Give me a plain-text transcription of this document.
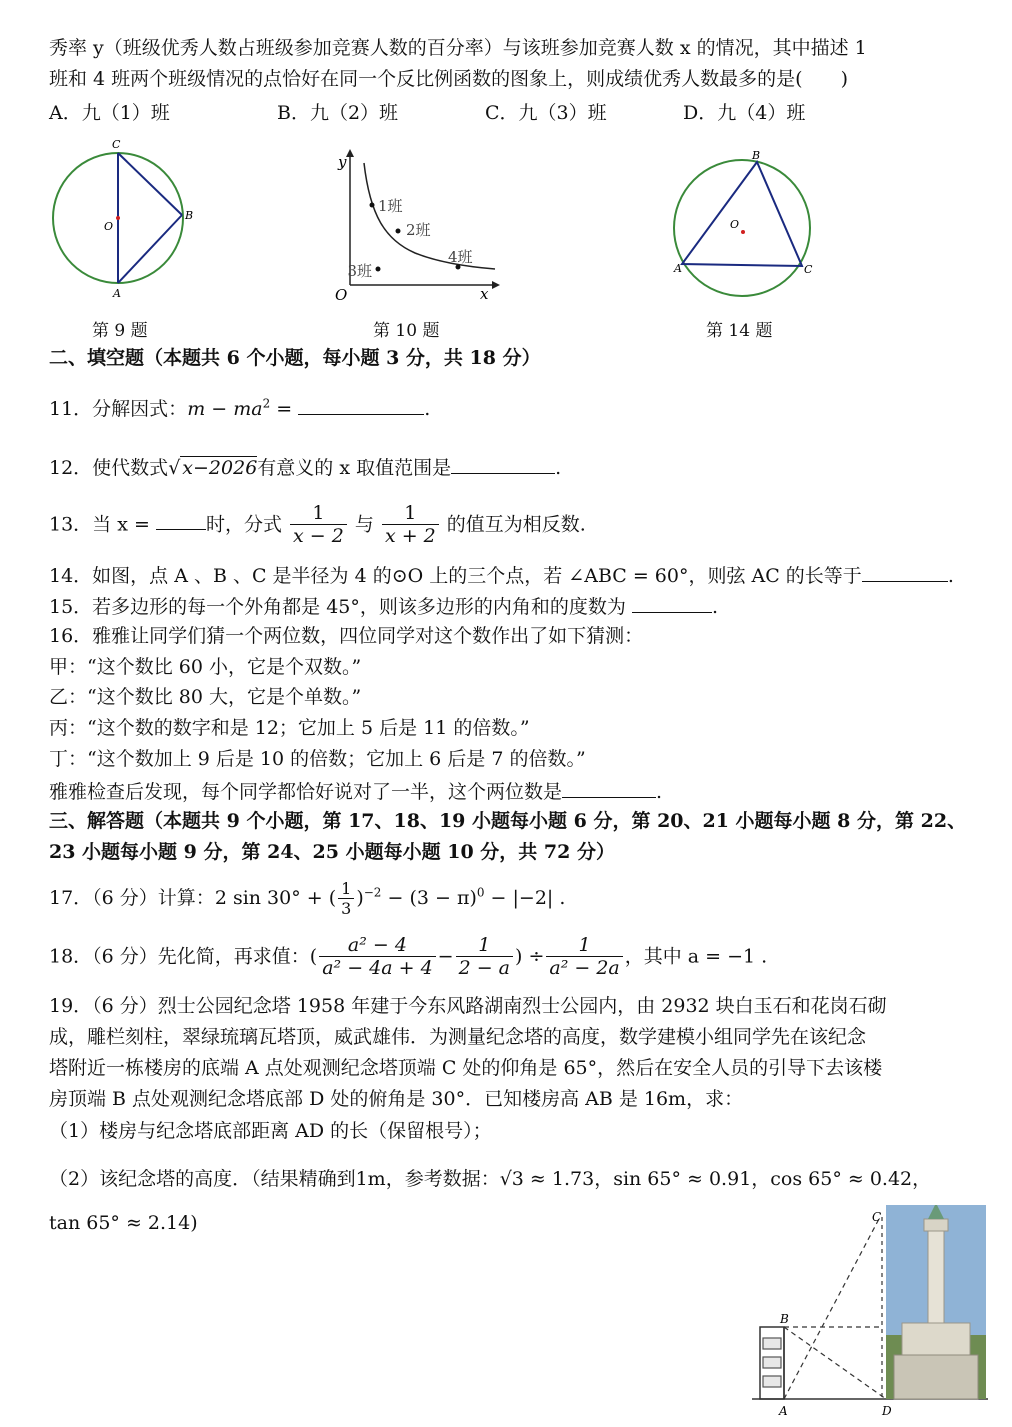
秀率 y（班级优秀人数占班级参加竞赛人数的百分率）与该班参加竞赛人数 x 的情况，其中描述 1
班和 4 班两个班级情况的点恰好在同一个反比例函数的图象上，则成绩优秀人数最多的是(　　)
A．九（1）班	B．九（2）班	C．九（3）班	D．九（4）班
C
O
B
A
第 9 题
y
x
O
1班
2班
3班
4班
第 10 题
B
O
A	C
第 14 题
二、填空题（本题共 6 个小题，每小题 3 分，共 18 分）
11．分解因式：$m - ma^2$ =	.
12．使代数式√ x−2026有意义的 x 取值范围是	.
13．当 x =	时，分式 $\frac{1}{x - 2}$ 与 $\frac{1}{x + 2}$ 的值互为相反数.
14．如图，点 A 、B 、C 是半径为 4 的⊙O 上的三个点，若 ∠ABC = 60°，则弦 AC 的长等于	.
15．若多边形的每一个外角都是 45°，则该多边形的内角和的度数为	.
16．雅雅让同学们猜一个两位数，四位同学对这个数作出了如下猜测：
甲：“这个数比 60 小，它是个双数。”
乙：“这个数比 80 大，它是个单数。”
丙：“这个数的数字和是 12；它加上 5 后是 11 的倍数。”
丁：“这个数加上 9 后是 10 的倍数；它加上 6 后是 7 的倍数。”
雅雅检查后发现，每个同学都恰好说对了一半，这个两位数是	.
三、解答题（本题共 9 个小题，第 17、18、19 小题每小题 6 分，第 20、21 小题每小题 8 分，第 22、
23 小题每小题 9 分，第 24、25 小题每小题 10 分，共 72 分）
17．（6 分）计算：2 sin 30° + ( $\frac{1}{3} )^{-2} - (3 - \pi)^0 - |-2|$ .
18．（6 分）先化简，再求值：( $\frac{\text{a² − 4}}{\text{a² − 4a + 4}} - \frac{1}{2 - a}$ ) ÷ $\frac{1}{\text{a² − 2a}}$ ，其中 a = −1 .
19．（6 分）烈士公园纪念塔 1958 年建于今东风路湖南烈士公园内，由 2932 块白玉石和花岗石砌
成，雕栏刻柱，翠绿琉璃瓦塔顶，威武雄伟．为测量纪念塔的高度，数学建模小组同学先在该纪念
塔附近一栋楼房的底端 A 点处观测纪念塔顶端 C 处的仰角是 65°，然后在安全人员的引导下去该楼
房顶端 B 点处观测纪念塔底部 D 处的俯角是 30°．已知楼房高 AB 是 16m，求：
（1）楼房与纪念塔底部距离 AD 的长（保留根号）；
（2）该纪念塔的高度．（结果精确到1m，参考数据：√3 ≈ 1.73，sin 65° ≈ 0.91，cos 65° ≈ 0.42，
tan 65° ≈ 2.14)	C
B
A	D
